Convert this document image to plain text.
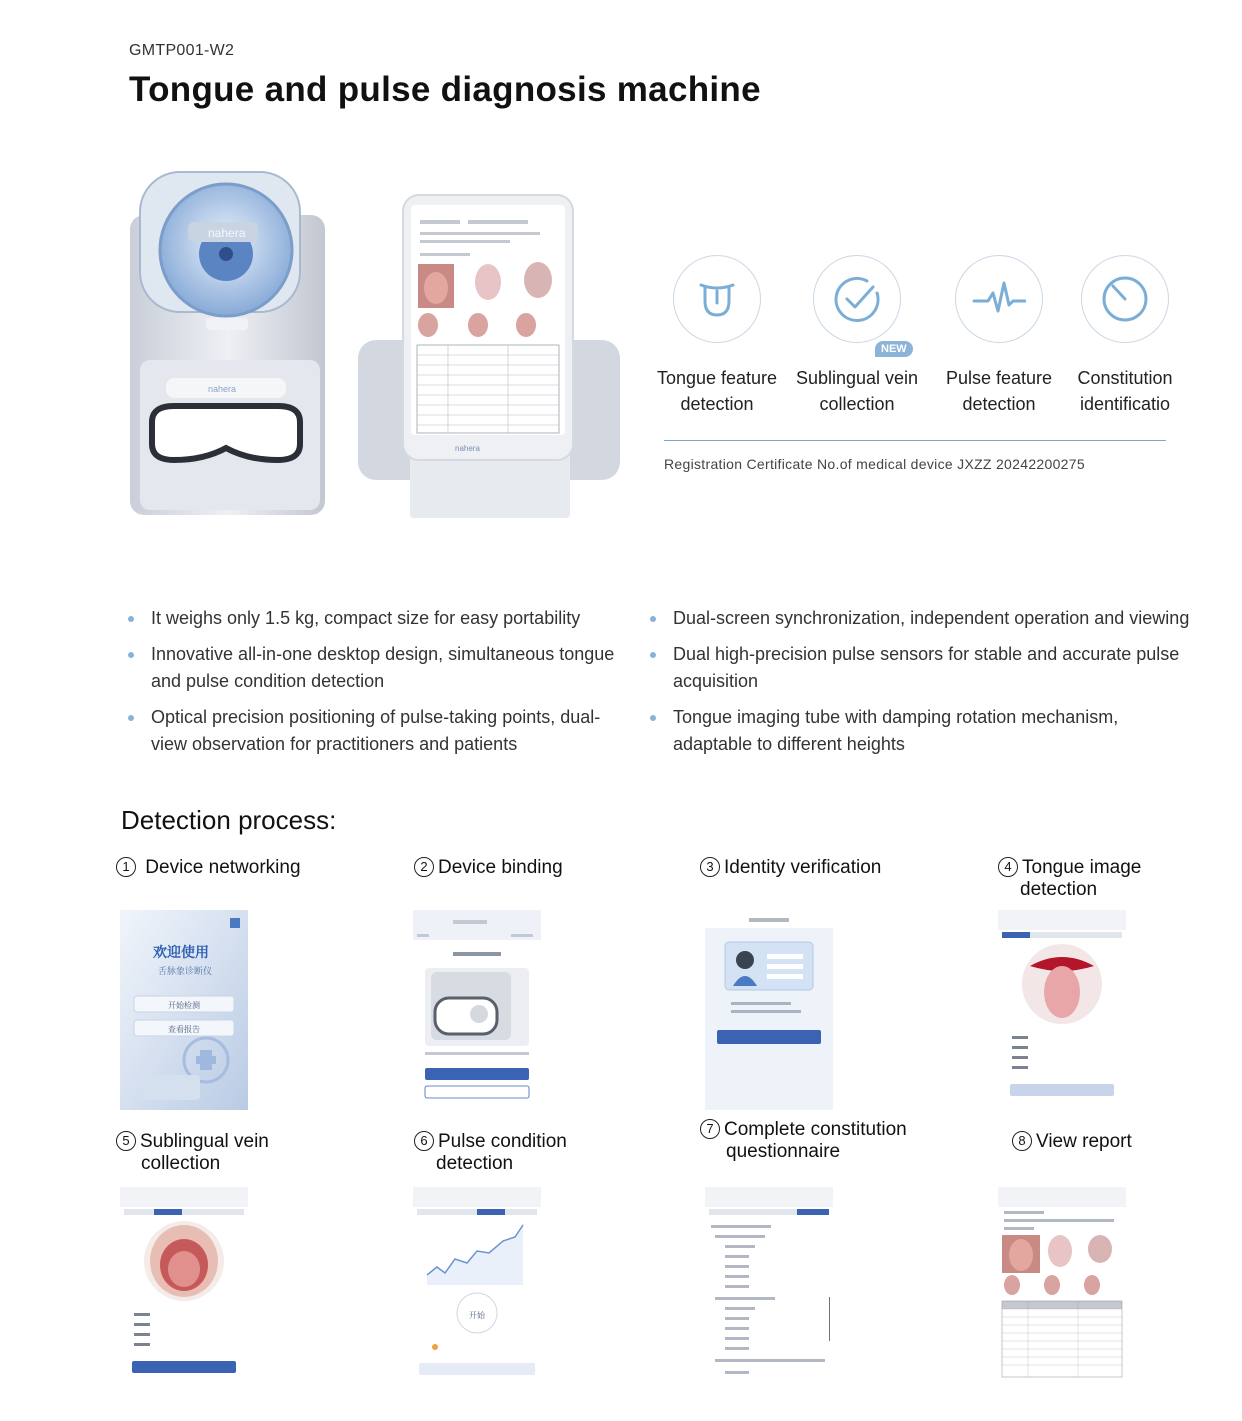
GMTP001-W2
Tongue and pulse diagnosis machine
nahera
nahera
nahera
Tongue feature
detection
NEW
Sublingual vein
collection
Pulse feature
detection
Constitution
identificatio
Registration Certificate No.of medical device JXZZ 20242200275
It weighs only 1.5 kg, compact size for easy portability
Innovative all-in-one desktop design, simultaneous tongue and pulse condition detection
Optical precision positioning of pulse-taking points, dual-view observation for practitioners and patients
Dual-screen synchronization, independent operation and viewing
Dual high-precision pulse sensors for stable and accurate pulse acquisition
Tongue imaging tube with damping rotation mechanism, adaptable to different heights
Detection process:
1 Device networking	2 Device binding	3 Identity verification	4 Tongue image
detection
5 Sublingual vein
collection
6 Pulse condition
detection
7 Complete constitution
questionnaire
8 View report
欢迎使用
舌脉象诊断仪
开始检测
查看报告
开始
